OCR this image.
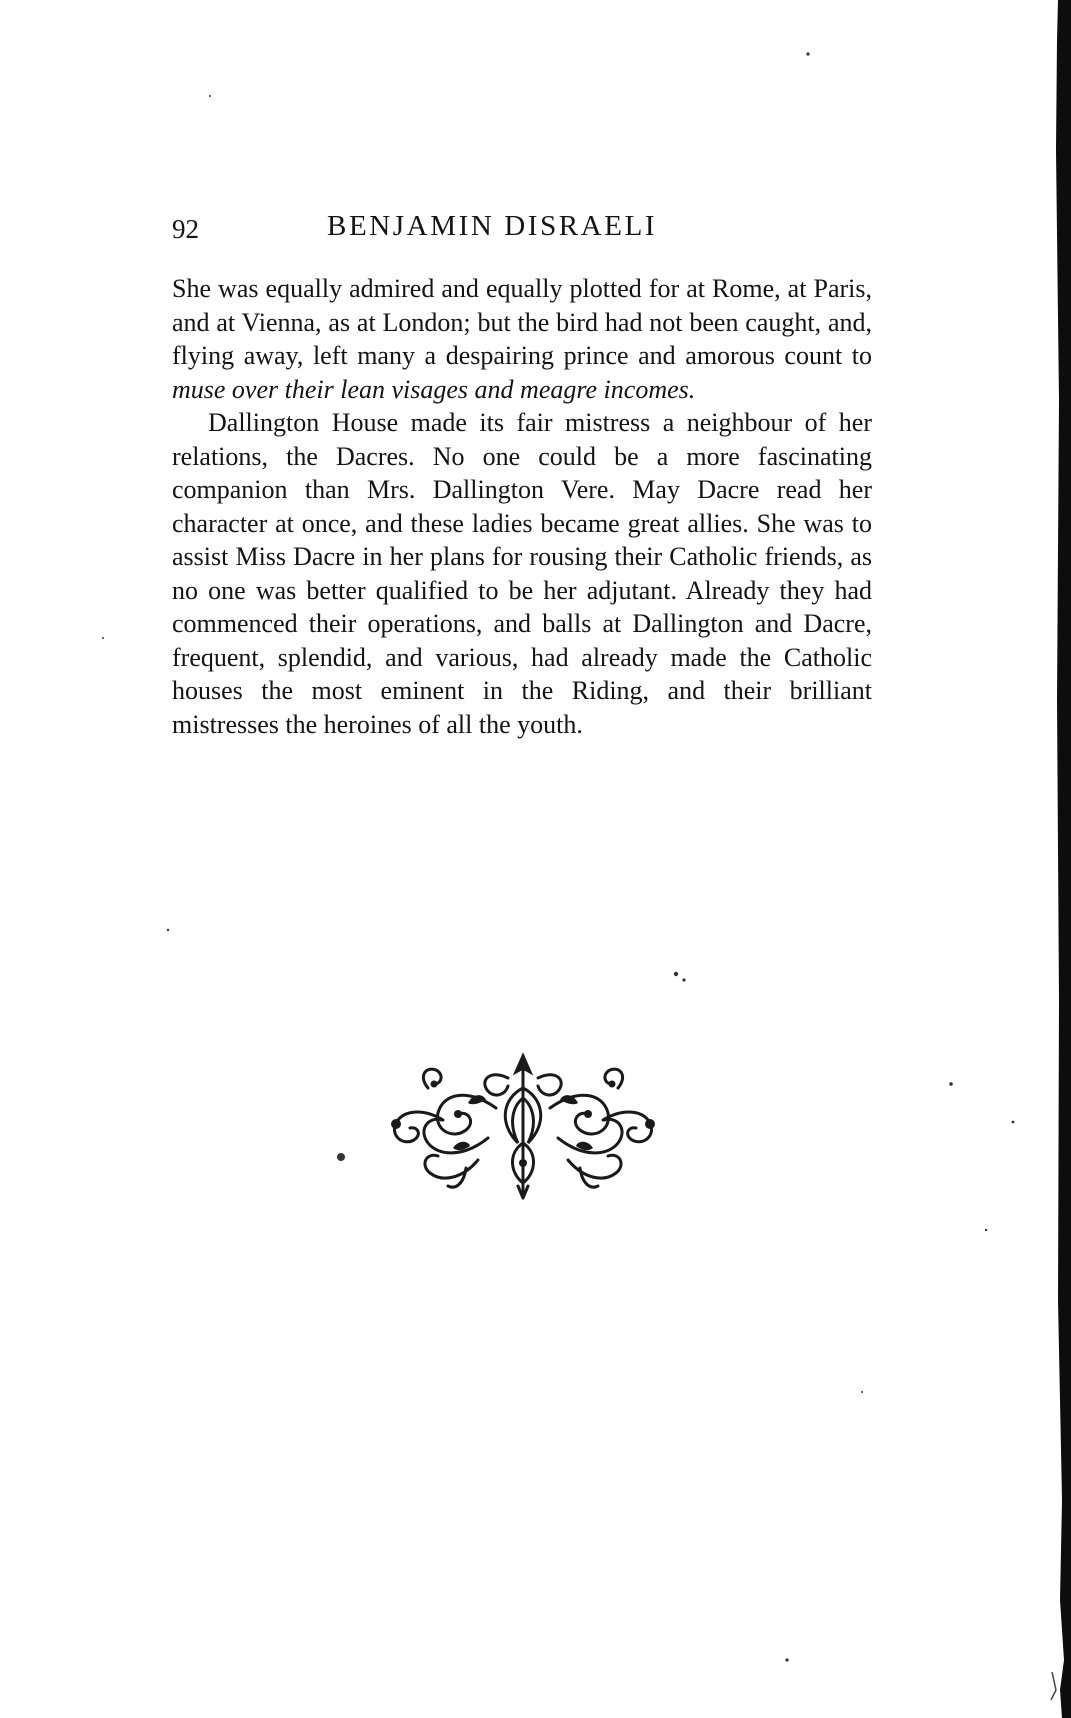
92	BENJAMIN DISRAELI

She was equally admired and equally plotted for at Rome, at Paris, and at Vienna, as at London; but the bird had not been caught, and, flying away, left many a despairing prince and amorous count to muse over their lean visages and meagre incomes.

Dallington House made its fair mistress a neighbour of her relations, the Dacres. No one could be a more fascinating companion than Mrs. Dallington Vere. May Dacre read her character at once, and these ladies became great allies. She was to assist Miss Dacre in her plans for rousing their Catholic friends, as no one was better qualified to be her adjutant. Already they had commenced their operations, and balls at Dallington and Dacre, frequent, splendid, and various, had already made the Catholic houses the most eminent in the Riding, and their brilliant mistresses the heroines of all the youth.
